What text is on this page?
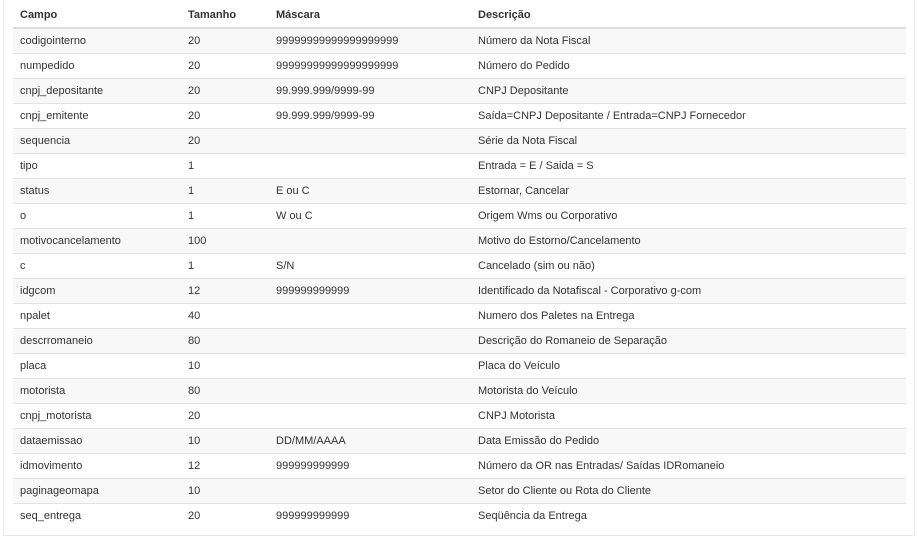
Campo	Tamanho	Máscara	Descrição
codigointerno	20	99999999999999999999	Número da Nota Fiscal
numpedido	20	99999999999999999999	Número do Pedido
cnpj_depositante	20	99.999.999/9999-99	CNPJ Depositante
cnpj_emitente	20	99.999.999/9999-99	Saída=CNPJ Depositante / Entrada=CNPJ Fornecedor
sequencia	20		Série da Nota Fiscal
tipo	1		Entrada = E / Saida = S
status	1	E ou C	Estornar, Cancelar
o	1	W ou C	Origem Wms ou Corporativo
motivocancelamento	100		Motivo do Estorno/Cancelamento
c	1	S/N	Cancelado (sim ou não)
idgcom	12	999999999999	Identificado da Notafiscal - Corporativo g-com
npalet	40		Numero dos Paletes na Entrega
descrromaneio	80		Descrição do Romaneio de Separação
placa	10		Placa do Veículo
motorista	80		Motorista do Veículo
cnpj_motorista	20		CNPJ Motorista
dataemissao	10	DD/MM/AAAA	Data Emissão do Pedido
idmovimento	12	999999999999	Número da OR nas Entradas/ Saídas IDRomaneio
paginageomapa	10		Setor do Cliente ou Rota do Cliente
seq_entrega	20	999999999999	Seqüência da Entrega
